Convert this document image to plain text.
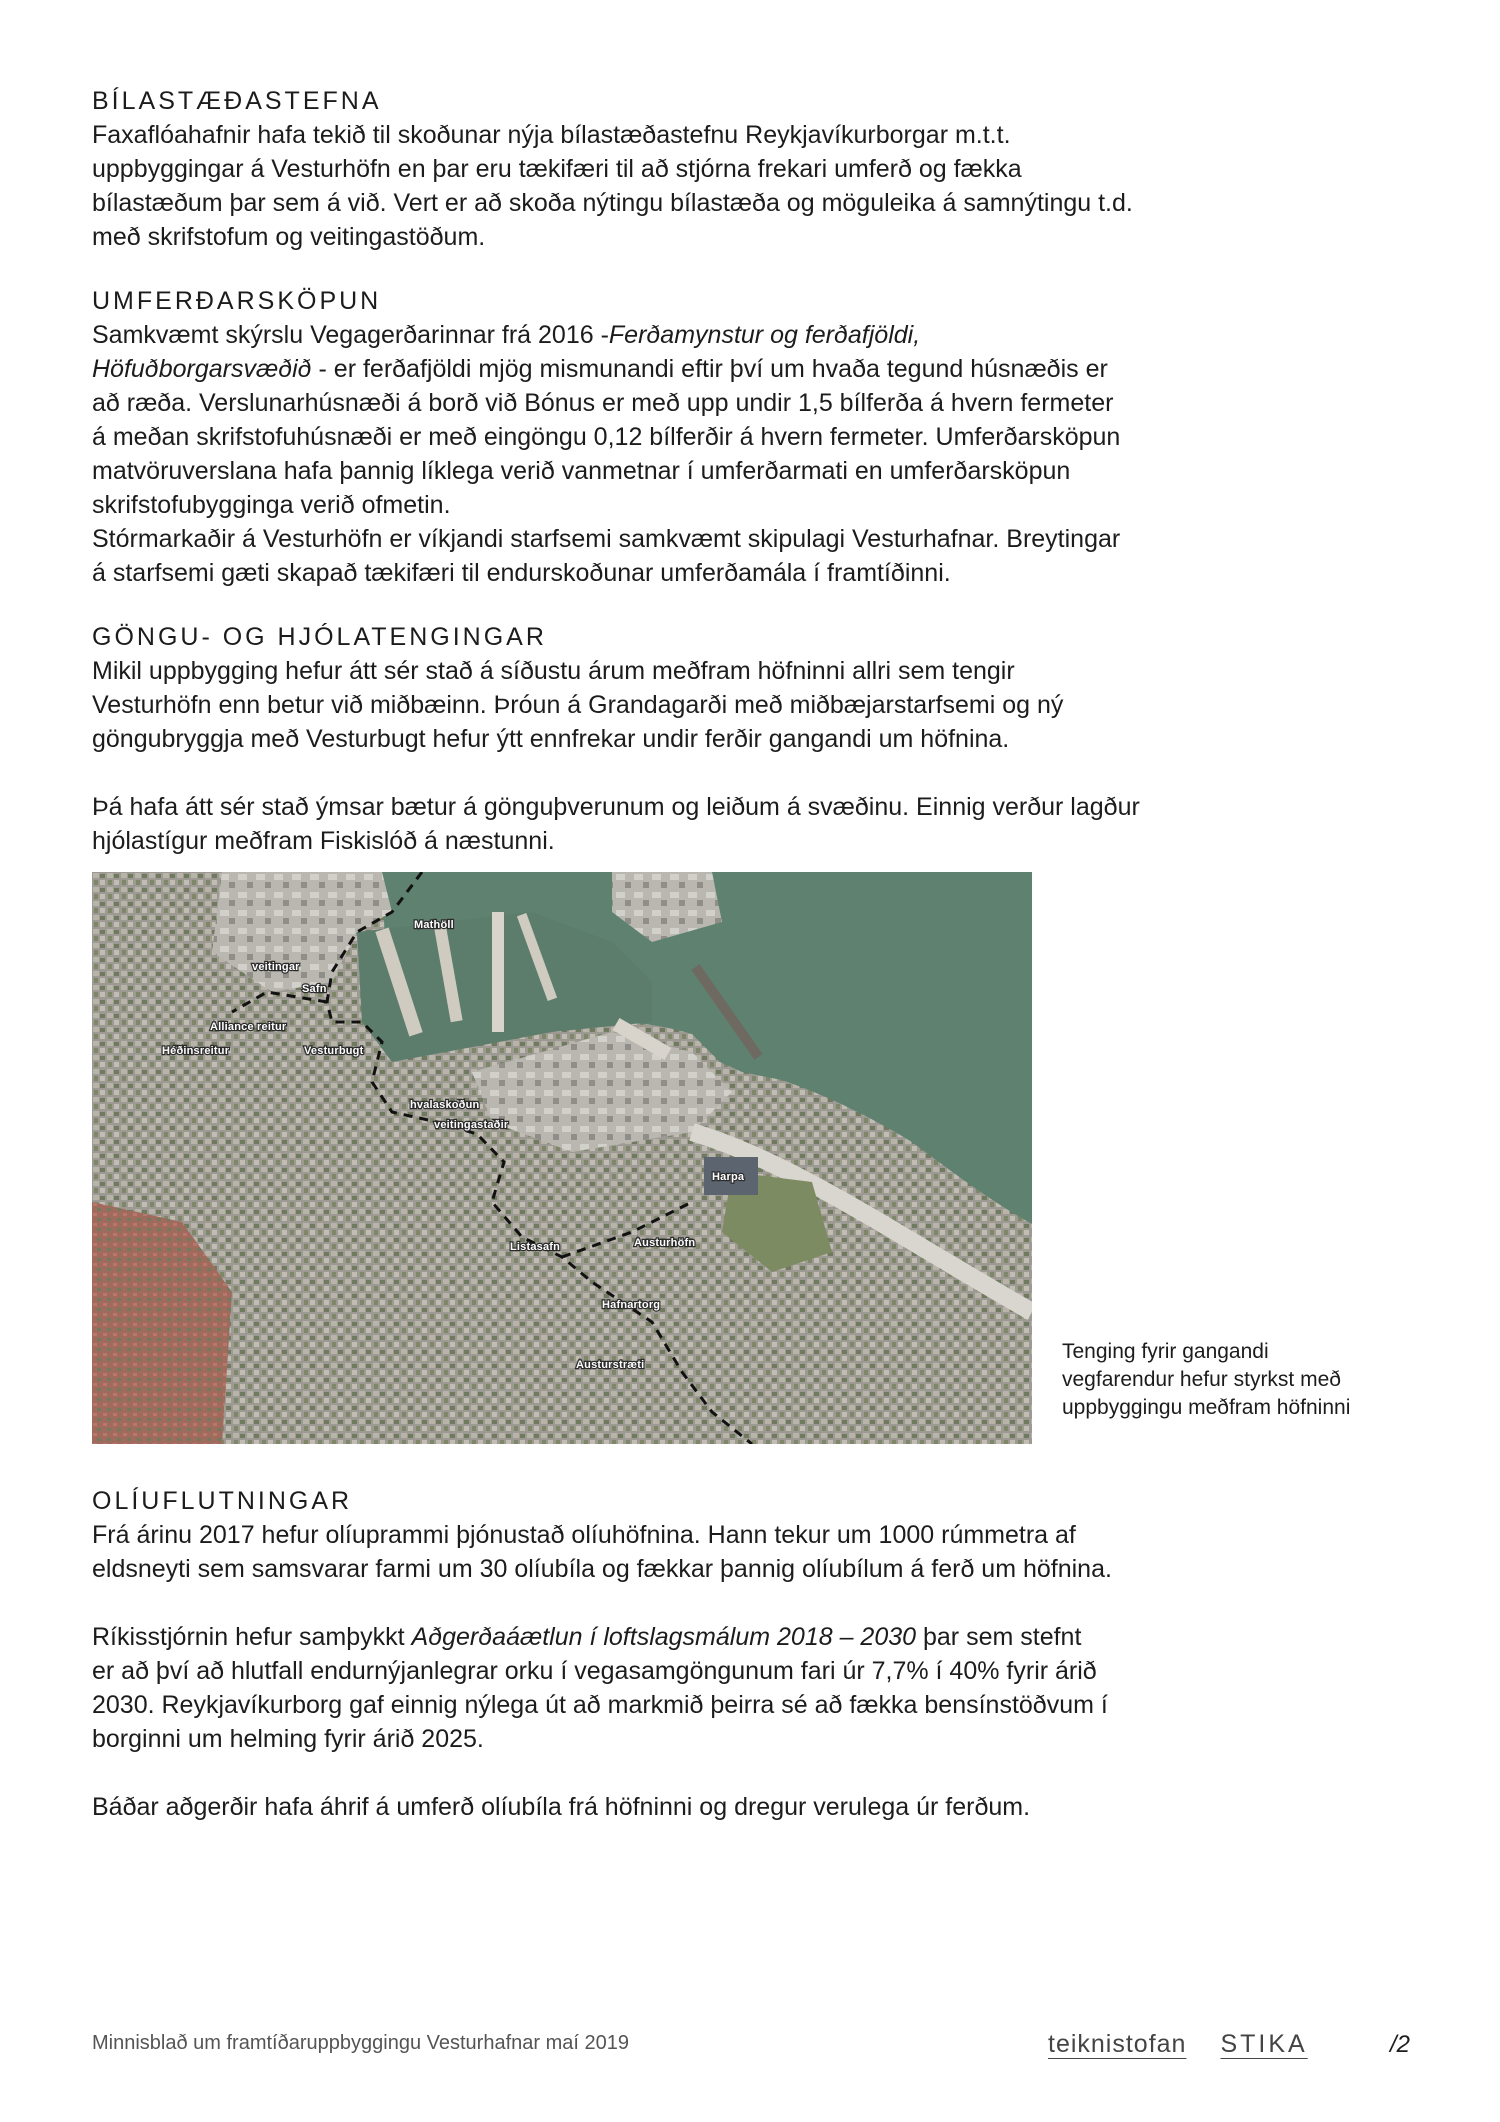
BÍLASTÆÐASTEFNA

Faxaflóahafnir hafa tekið til skoðunar nýja bílastæðastefnu Reykjavíkurborgar m.t.t.

uppbyggingar á Vesturhöfn en þar eru tækifæri til að stjórna frekari umferð og fækka

bílastæðum þar sem á við. Vert er að skoða nýtingu bílastæða og möguleika á samnýtingu t.d.

með skrifstofum og veitingastöðum.

UMFERÐARSKÖPUN

Samkvæmt skýrslu Vegagerðarinnar frá 2016 -Ferðamynstur og ferðafjöldi,

Höfuðborgarsvæðið - er ferðafjöldi mjög mismunandi eftir því um hvaða tegund húsnæðis er

að ræða. Verslunarhúsnæði á borð við Bónus er með upp undir 1,5 bílferða á hvern fermeter

á meðan skrifstofuhúsnæði er með eingöngu 0,12 bílferðir á hvern fermeter. Umferðarsköpun

matvöruverslana hafa þannig líklega verið vanmetnar í umferðarmati en umferðarsköpun

skrifstofubygginga verið ofmetin.

Stórmarkaðir á Vesturhöfn er víkjandi starfsemi samkvæmt skipulagi Vesturhafnar. Breytingar

á starfsemi gæti skapað tækifæri til endurskoðunar umferðamála í framtíðinni.

GÖNGU- OG HJÓLATENGINGAR

Mikil uppbygging hefur átt sér stað á síðustu árum meðfram höfninni allri sem tengir

Vesturhöfn enn betur við miðbæinn. Þróun á Grandagarði með miðbæjarstarfsemi og ný

göngubryggja með Vesturbugt hefur ýtt ennfrekar undir ferðir gangandi um höfnina.

Þá hafa átt sér stað ýmsar bætur á gönguþverunum og leiðum á svæðinu. Einnig verður lagður

hjólastígur meðfram Fiskislóð á næstunni.

Mathöll
veitingar
Safn
Alliance reitur
Héðinsreitur	Vesturbugt
hvalaskoðun
veitingastaðir
Harpa
Listasafn	Austurhöfn
Hafnartorg
Austurstræti
Tenging fyrir gangandi
vegfarendur hefur styrkst með
uppbyggingu meðfram höfninni
OLÍUFLUTNINGAR

Frá árinu 2017 hefur olíuprammi þjónustað olíuhöfnina. Hann tekur um 1000 rúmmetra af

eldsneyti sem samsvarar farmi um 30 olíubíla og fækkar þannig olíubílum á ferð um höfnina.

Ríkisstjórnin hefur samþykkt Aðgerðaáætlun í loftslagsmálum 2018 – 2030 þar sem stefnt

er að því að hlutfall endurnýjanlegrar orku í vegasamgöngunum fari úr 7,7% í 40% fyrir árið

2030. Reykjavíkurborg gaf einnig nýlega út að markmið þeirra sé að fækka bensínstöðvum í

borginni um helming fyrir árið 2025.

Báðar aðgerðir hafa áhrif á umferð olíubíla frá höfninni og dregur verulega úr ferðum.

Minnisblað um framtíðaruppbyggingu Vesturhafnar maí 2019	teiknistofan STIKA	/2
